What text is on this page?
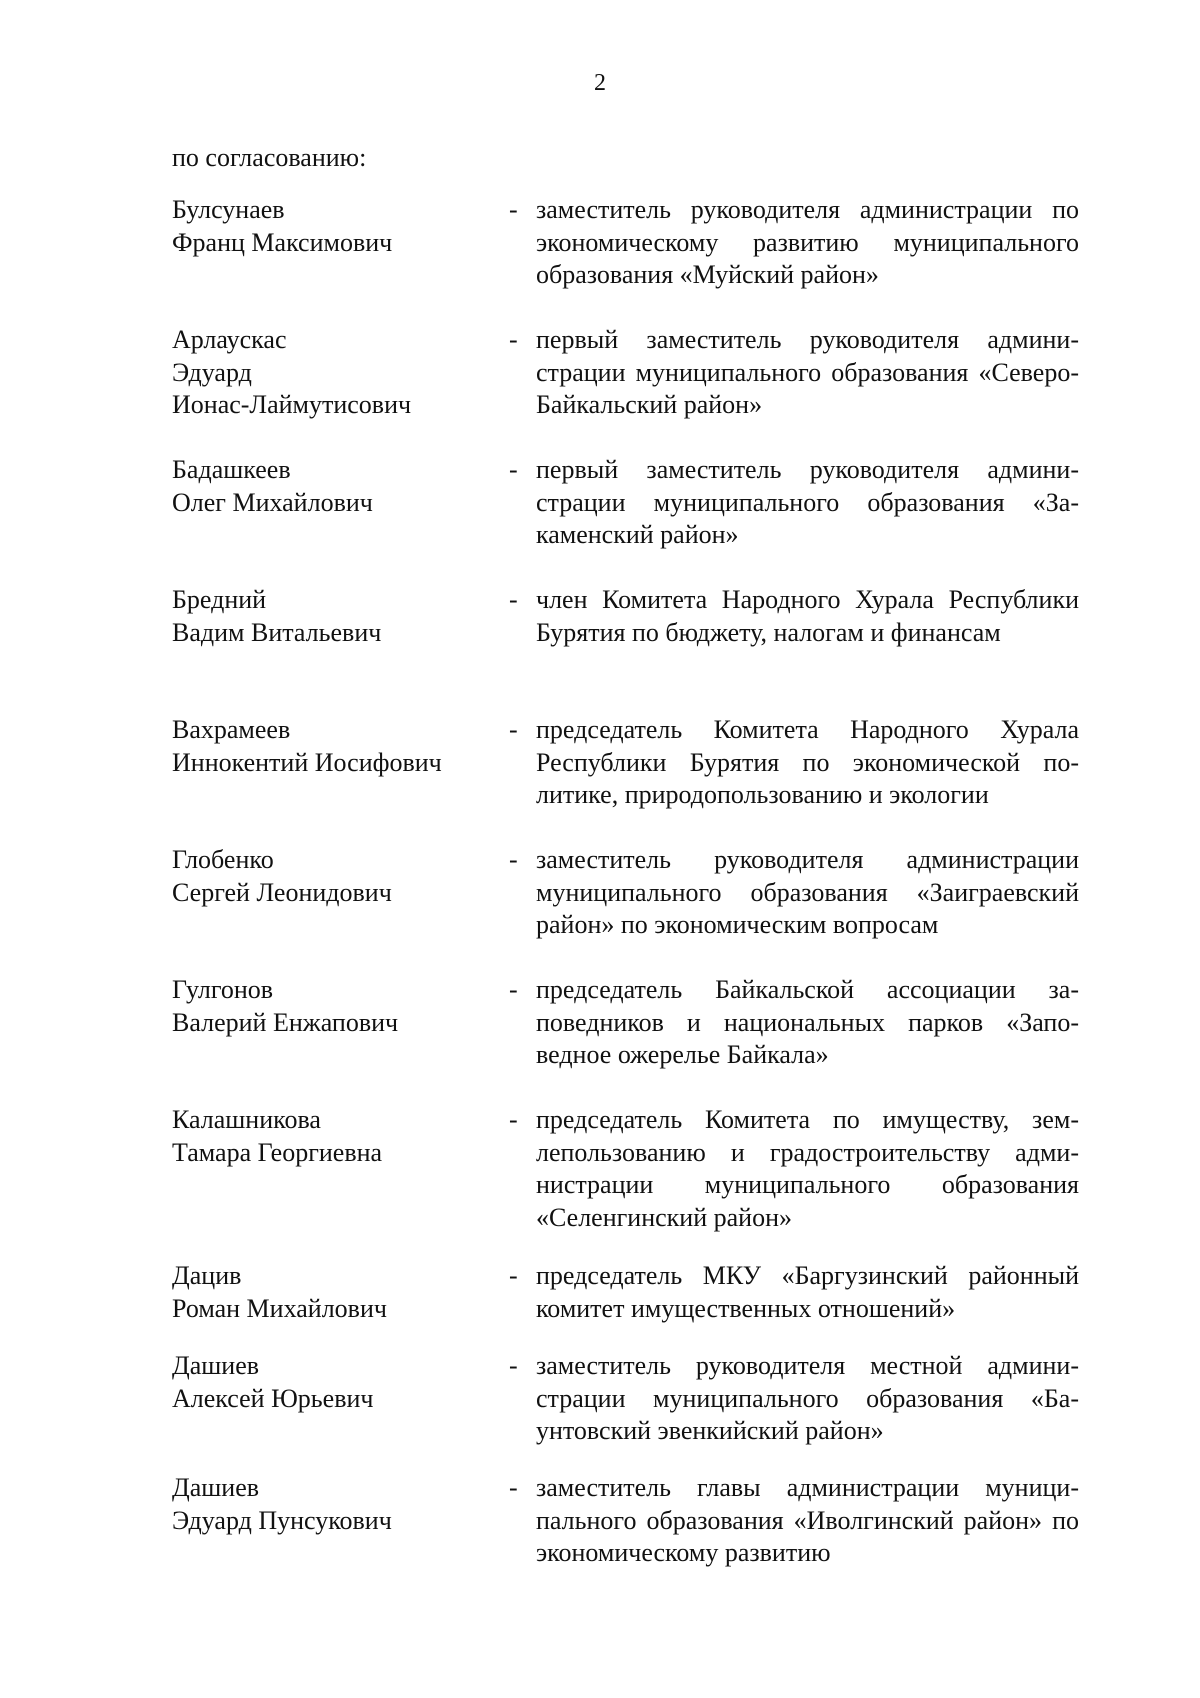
2
по согласованию:
Булсунаев
Франц Максимович
- заместитель руководителя администрации по экономическому развитию муниципального образования «Муйский район»
Арлаускас
Эдуард
Ионас-Лаймутисович
- первый заместитель руководителя администрации муниципального образования «Северо-Байкальский район»
Бадашкеев
Олег Михайлович
- первый заместитель руководителя администрации муниципального образования «Закаменский район»
Бредний
Вадим Витальевич
- член Комитета Народного Хурала Республики Бурятия по бюджету, налогам и финансам
Вахрамеев
Иннокентий Иосифович
- председатель Комитета Народного Хурала Республики Бурятия по экономической политике, природопользованию и экологии
Глобенко
Сергей Леонидович
- заместитель руководителя администрации муниципального образования «Заиграевский район» по экономическим вопросам
Гулгонов
Валерий Енжапович
- председатель Байкальской ассоциации заповедников и национальных парков «Заповедное ожерелье Байкала»
Калашникова
Тамара Георгиевна
- председатель Комитета по имуществу, землепользованию и градостроительству администрации муниципального образования «Селенгинский район»
Дацив
Роман Михайлович
- председатель МКУ «Баргузинский районный комитет имущественных отношений»
Дашиев
Алексей Юрьевич
- заместитель руководителя местной администрации муниципального образования «Баунтовский эвенкийский район»
Дашиев
Эдуард Пунсукович
- заместитель главы администрации муниципального образования «Иволгинский район» по экономическому развитию
